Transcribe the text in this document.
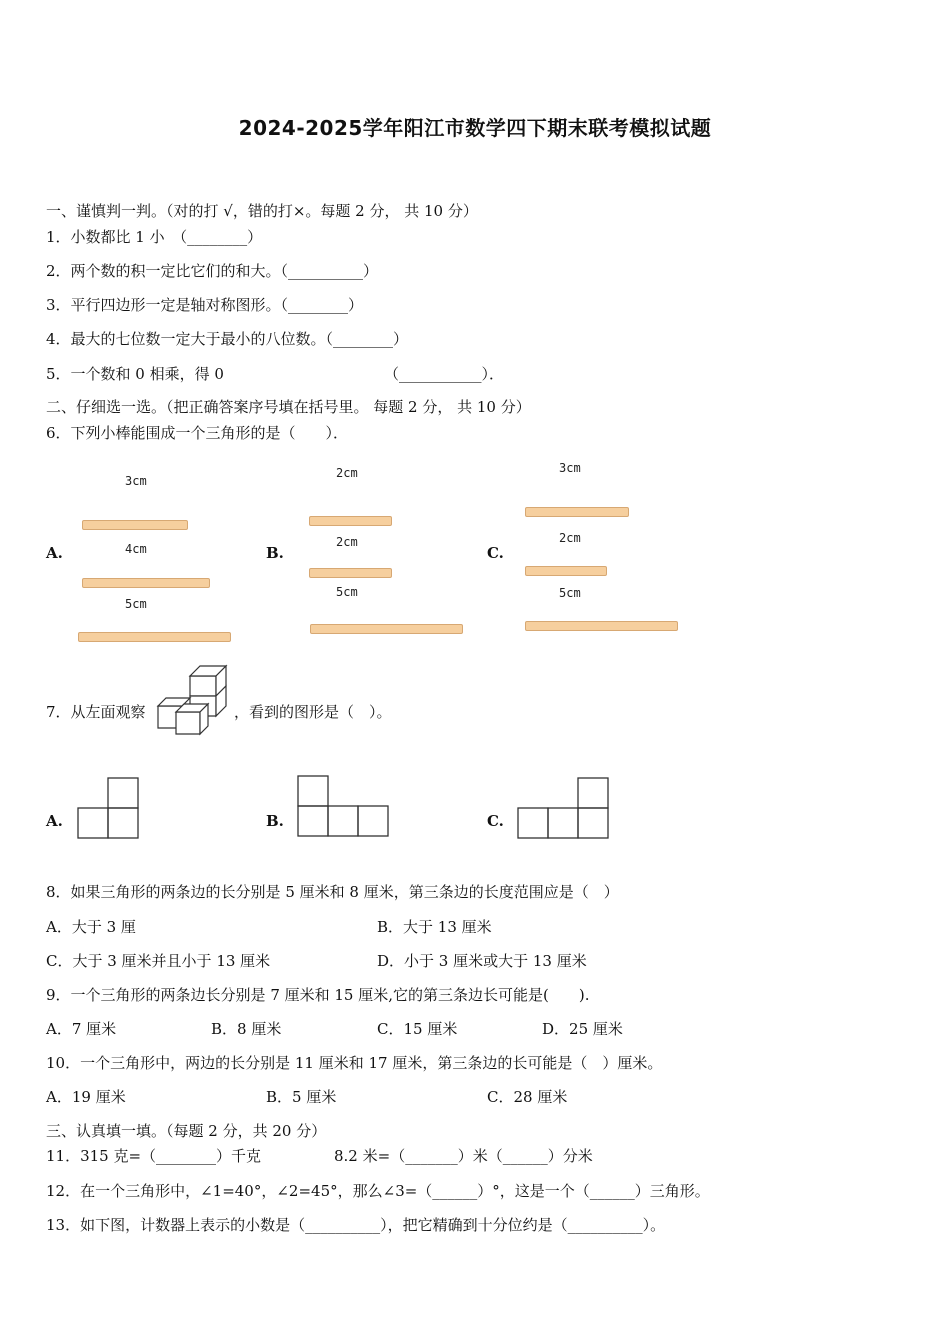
2024-2025学年阳江市数学四下期末联考模拟试题
一、谨慎判一判。（对的打 √，错的打×。每题 2 分， 共 10 分）
1．小数都比 1 小　（________）
2．两个数的积一定比它们的和大。（__________）
3．平行四边形一定是轴对称图形。（________）
4．最大的七位数一定大于最小的八位数。（________）
5．一个数和 0 相乘，得 0	（___________）．
二、仔细选一选。（把正确答案序号填在括号里。 每题 2 分， 共 10 分）
6．下列小棒能围成一个三角形的是（　　）．
A.
3cm
4cm
5cm
B.
2cm
2cm
5cm
C.
3cm
2cm
5cm
7．从左面观察	，看到的图形是（　）。
A.	B.	C.
8．如果三角形的两条边的长分别是 5 厘米和 8 厘米，第三条边的长度范围应是（　）
A．大于 3 厘	B．大于 13 厘米
C．大于 3 厘米并且小于 13 厘米	D．小于 3 厘米或大于 13 厘米
9．一个三角形的两条边长分别是 7 厘米和 15 厘米,它的第三条边长可能是(　　).
A．7 厘米	B．8 厘米	C．15 厘米	D．25 厘米
10．一个三角形中，两边的长分别是 11 厘米和 17 厘米，第三条边的长可能是（　）厘米。
A．19 厘米	B．5 厘米	C．28 厘米
三、认真填一填。（每题 2 分，共 20 分）
11．315 克=（________）千克	8.2 米=（_______）米（______）分米
12．在一个三角形中，∠1=40°，∠2=45°，那么∠3=（______）°，这是一个（______）三角形。
13．如下图，计数器上表示的小数是（__________），把它精确到十分位约是（__________）。
